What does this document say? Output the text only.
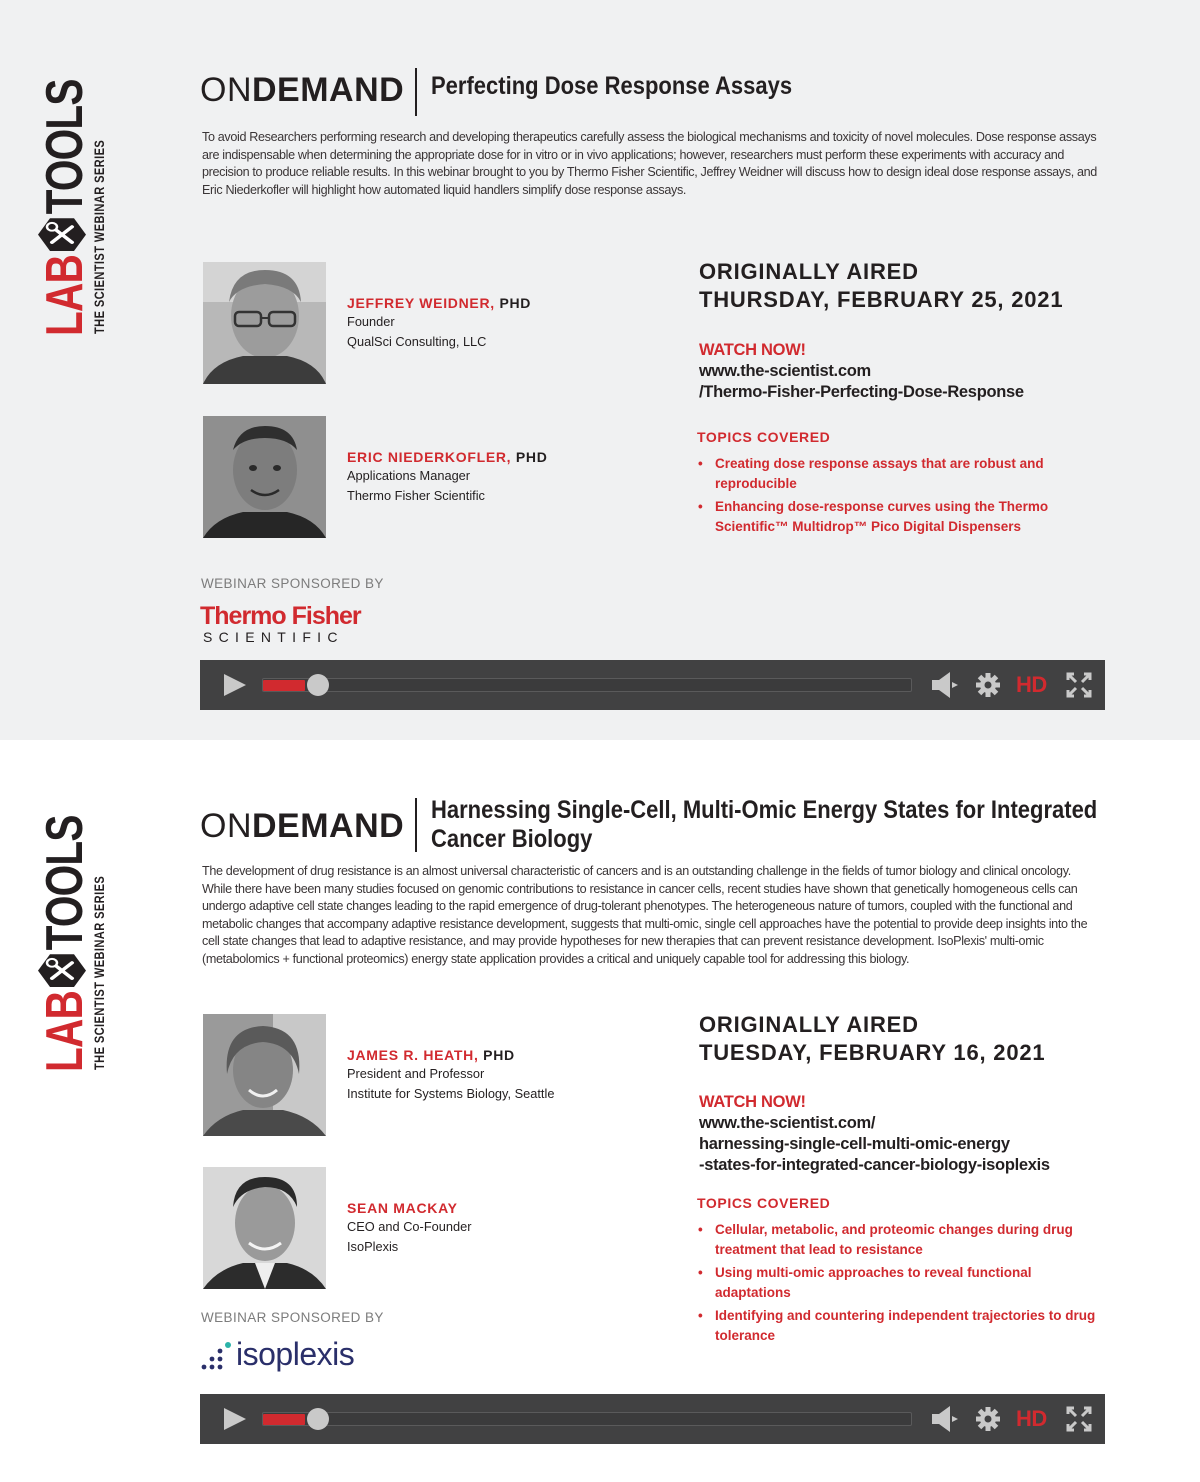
LABTOOLS
THE SCIENTIST WEBINAR SERIES
ONDEMAND Perfecting Dose Response Assays

To avoid Researchers performing research and developing therapeutics carefully assess the biological mechanisms and toxicity of novel molecules. Dose response assays are indispensable when determining the appropriate dose for in vitro or in vivo applications; however, researchers must perform these experiments with accuracy and precision to produce reliable results. In this webinar brought to you by Thermo Fisher Scientific, Jeffrey Weidner will discuss how to design ideal dose response assays, and Eric Niederkofler will highlight how automated liquid handlers simplify dose response assays.

JEFFREY WEIDNER, PHD
Founder
QualSci Consulting, LLC
ERIC NIEDERKOFLER, PHD
Applications Manager
Thermo Fisher Scientific
ORIGINALLY AIRED
THURSDAY, FEBRUARY 25, 2021
WATCH NOW!
www.the-scientist.com
/Thermo-Fisher-Perfecting-Dose-Response
TOPICS COVERED
• Creating dose response assays that are robust and reproducible
• Enhancing dose-response curves using the Thermo Scientific™ Multidrop™ Pico Digital Dispensers
WEBINAR SPONSORED BY
Thermo Fisher
SCIENTIFIC
HD
LABTOOLS
THE SCIENTIST WEBINAR SERIES
ONDEMAND Harnessing Single-Cell, Multi-Omic Energy States for Integrated Cancer Biology

The development of drug resistance is an almost universal characteristic of cancers and is an outstanding challenge in the fields of tumor biology and clinical oncology. While there have been many studies focused on genomic contributions to resistance in cancer cells, recent studies have shown that genetically homogeneous cells can undergo adaptive cell state changes leading to the rapid emergence of drug-tolerant phenotypes. The heterogeneous nature of tumors, coupled with the functional and metabolic changes that accompany adaptive resistance development, suggests that multi-omic, single cell approaches have the potential to provide deep insights into the cell state changes that lead to adaptive resistance, and may provide hypotheses for new therapies that can prevent resistance development. IsoPlexis' multi-omic (metabolomics + functional proteomics) energy state application provides a critical and uniquely capable tool for addressing this biology.

JAMES R. HEATH, PHD
President and Professor
Institute for Systems Biology, Seattle
SEAN MACKAY
CEO and Co-Founder
IsoPlexis
ORIGINALLY AIRED
TUESDAY, FEBRUARY 16, 2021
WATCH NOW!
www.the-scientist.com/
harnessing-single-cell-multi-omic-energy
-states-for-integrated-cancer-biology-isoplexis
TOPICS COVERED
• Cellular, metabolic, and proteomic changes during drug treatment that lead to resistance
• Using multi-omic approaches to reveal functional adaptations
• Identifying and countering independent trajectories to drug tolerance
WEBINAR SPONSORED BY
isoplexis
HD
